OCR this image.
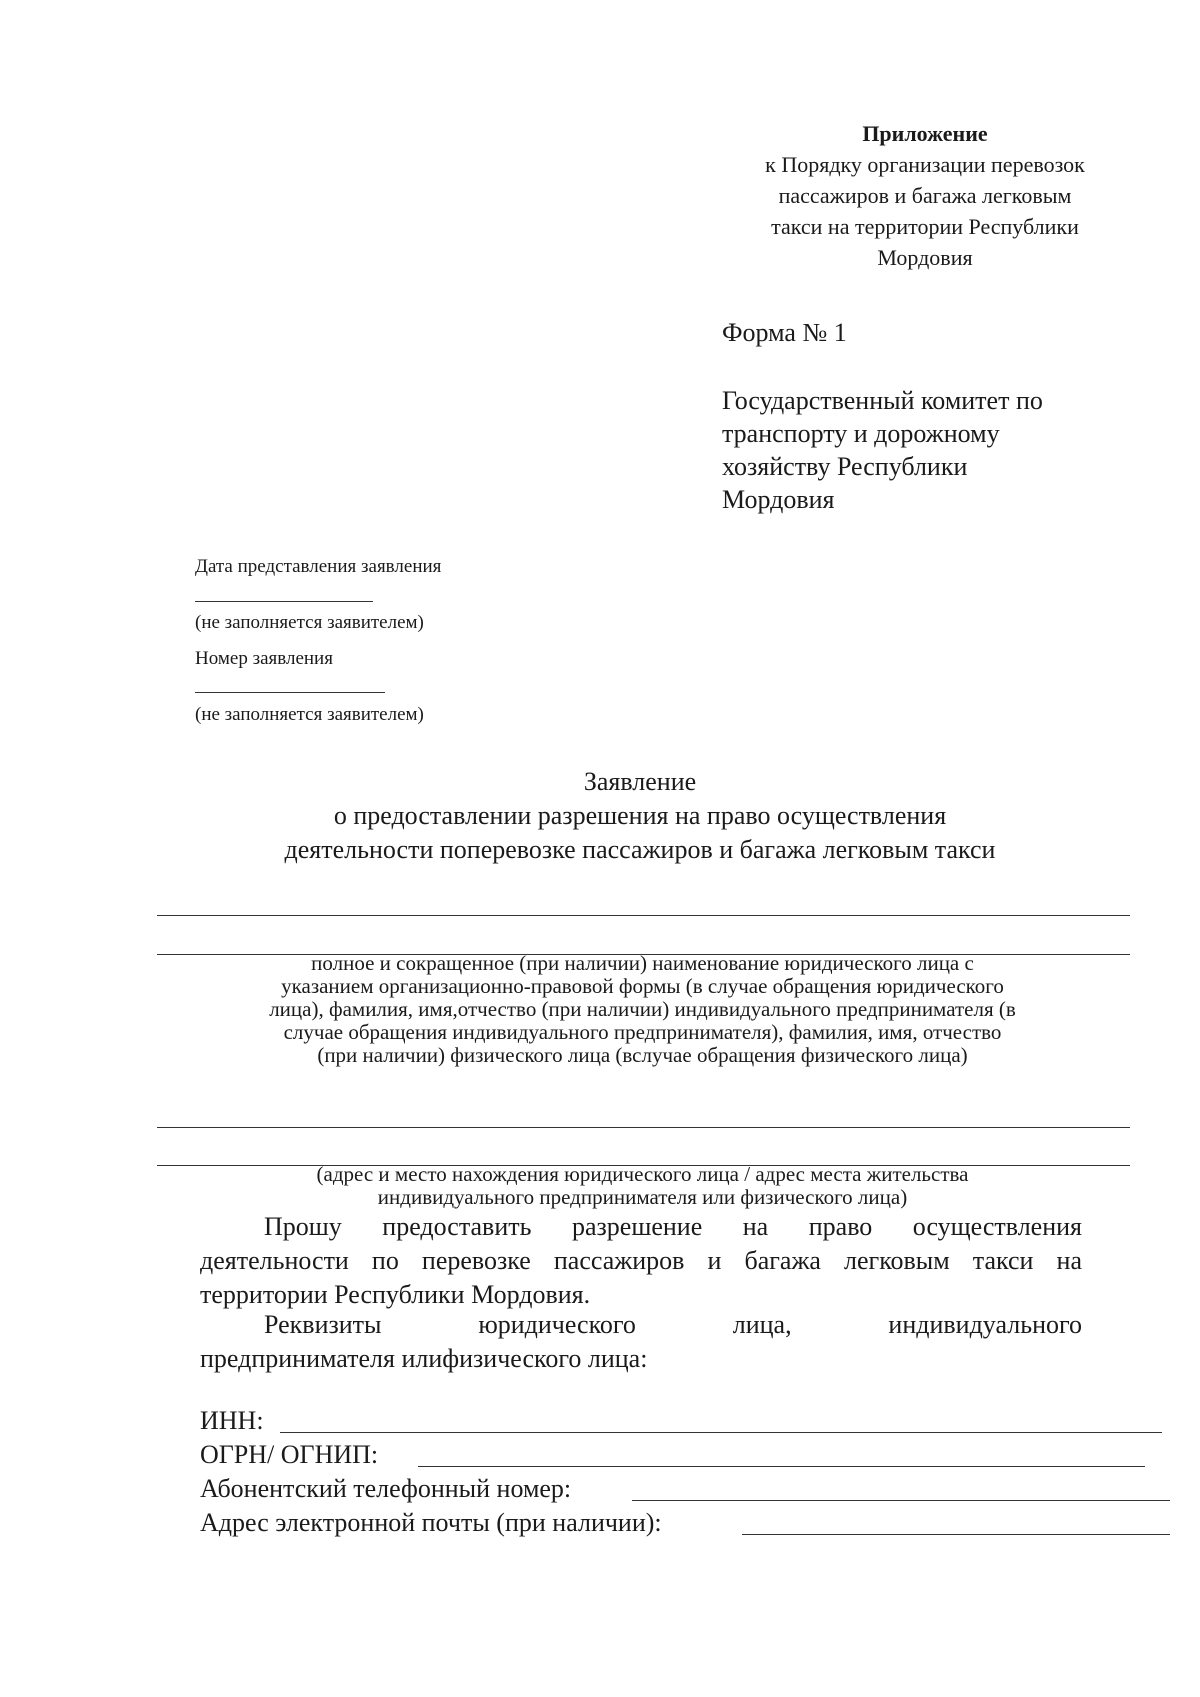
Приложение
к Порядку организации перевозок
пассажиров и багажа легковым
такси на территории Республики
Мордовия
Форма № 1
Государственный комитет по
транспорту и дорожному
хозяйству Республики
Мордовия
Дата представления заявления
(не заполняется заявителем)
Номер заявления
(не заполняется заявителем)
Заявление
о предоставлении разрешения на право осуществления
деятельности поперевозке пассажиров и багажа легковым такси
полное и сокращенное (при наличии) наименование юридического лица с
указанием организационно-правовой формы (в случае обращения юридического
лица), фамилия, имя,отчество (при наличии) индивидуального предпринимателя (в
случае обращения индивидуального предпринимателя), фамилия, имя, отчество
(при наличии) физического лица (вслучае обращения физического лица)
(адрес и место нахождения юридического лица / адрес места жительства
индивидуального предпринимателя или физического лица)
Прошу предоставить разрешение на право осуществления
деятельности по перевозке пассажиров и багажа легковым такси на
территории Республики Мордовия.
Реквизиты юридического лица, индивидуального
предпринимателя илифизического лица:
ИНН:
ОГРН/ ОГНИП:
Абонентский телефонный номер:
Адрес электронной почты (при наличии):
